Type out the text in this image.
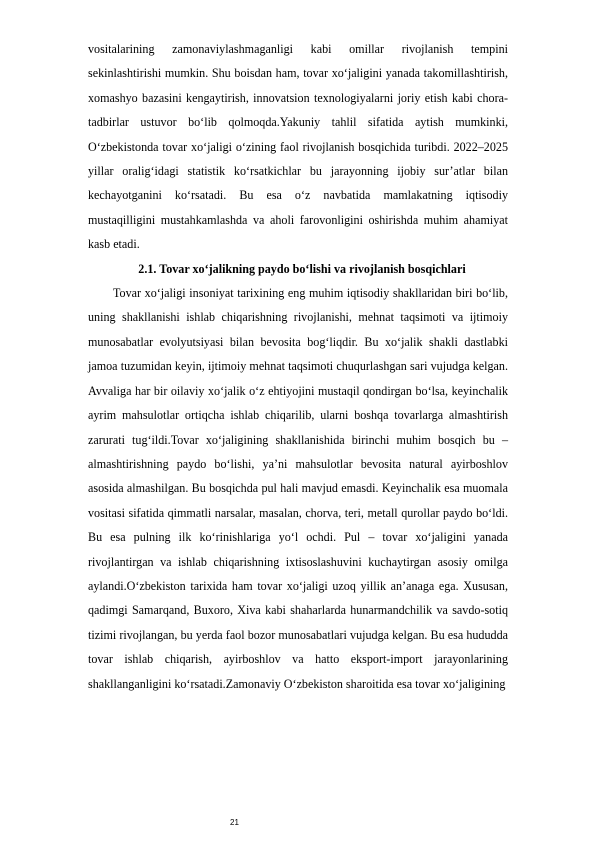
vositalarining zamonaviylashmaganligi kabi omillar rivojlanish tempini sekinlashtirishi mumkin. Shu boisdan ham, tovar xo‘jaligini yanada takomillashtirish, xomashyo bazasini kengaytirish, innovatsion texnologiyalarni joriy etish kabi chora-tadbirlar ustuvor bo‘lib qolmoqda.Yakuniy tahlil sifatida aytish mumkinki, O‘zbekistonda tovar xo‘jaligi o‘zining faol rivojlanish bosqichida turibdi. 2022–2025 yillar oralig‘idagi statistik ko‘rsatkichlar bu jarayonning ijobiy sur’atlar bilan kechayotganini ko‘rsatadi. Bu esa o‘z navbatida mamlakatning iqtisodiy mustaqilligini mustahkamlashda va aholi farovonligini oshirishda muhim ahamiyat kasb etadi.

2.1. Tovar xo‘jalikning paydo bo‘lishi va rivojlanish bosqichlari

Tovar xo‘jaligi insoniyat tarixining eng muhim iqtisodiy shakllaridan biri bo‘lib, uning shakllanishi ishlab chiqarishning rivojlanishi, mehnat taqsimoti va ijtimoiy munosabatlar evolyutsiyasi bilan bevosita bog‘liqdir. Bu xo‘jalik shakli dastlabki jamoa tuzumidan keyin, ijtimoiy mehnat taqsimoti chuqurlashgan sari vujudga kelgan. Avvaliga har bir oilaviy xo‘jalik o‘z ehtiyojini mustaqil qondirgan bo‘lsa, keyinchalik ayrim mahsulotlar ortiqcha ishlab chiqarilib, ularni boshqa tovarlarga almashtirish zarurati tug‘ildi.Tovar xo‘jaligining shakllanishida birinchi muhim bosqich bu – almashtirishning paydo bo‘lishi, ya’ni mahsulotlar bevosita natural ayirboshlov asosida almashilgan. Bu bosqichda pul hali mavjud emasdi. Keyinchalik esa muomala vositasi sifatida qimmatli narsalar, masalan, chorva, teri, metall qurollar paydo bo‘ldi. Bu esa pulning ilk ko‘rinishlariga yo‘l ochdi. Pul – tovar xo‘jaligini yanada rivojlantirgan va ishlab chiqarishning ixtisoslashuvini kuchaytirgan asosiy omilga aylandi.O‘zbekiston tarixida ham tovar xo‘jaligi uzoq yillik an’anaga ega. Xususan, qadimgi Samarqand, Buxoro, Xiva kabi shaharlarda hunarmandchilik va savdo-sotiq tizimi rivojlangan, bu yerda faol bozor munosabatlari vujudga kelgan. Bu esa hududda tovar ishlab chiqarish, ayirboshlov va hatto eksport-import jarayonlarining shakllanganligini ko‘rsatadi.Zamonaviy O‘zbekiston sharoitida esa tovar xo‘jaligining

21
